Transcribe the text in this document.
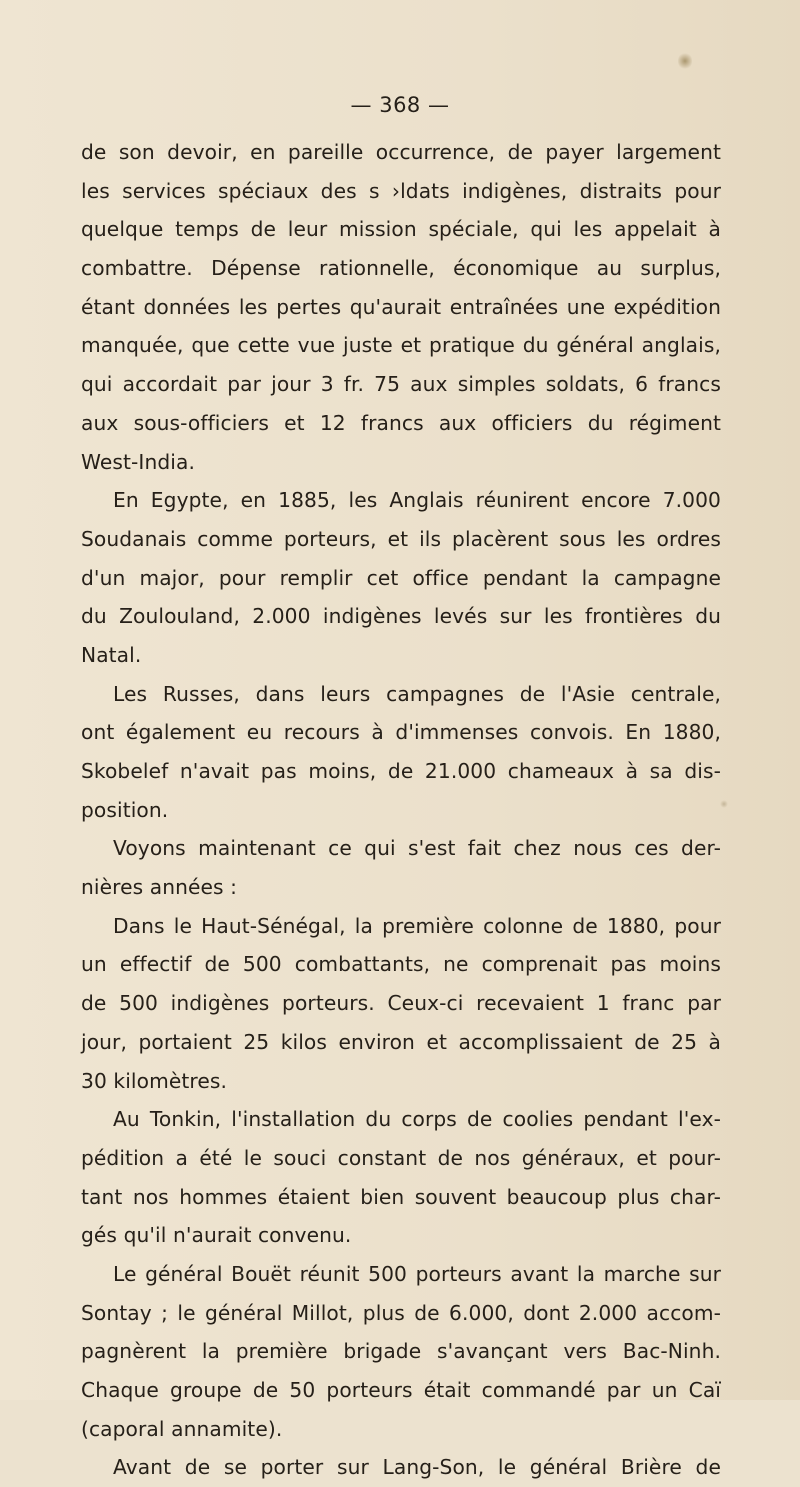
— 368 —

de son devoir, en pareille occurrence, de payer largement
les services spéciaux des s ›ldats indigènes, distraits pour
quelque temps de leur mission spéciale, qui les appelait à
combattre. Dépense rationnelle, économique au surplus,
étant données les pertes qu'aurait entraînées une expédition
manquée, que cette vue juste et pratique du général anglais,
qui accordait par jour 3 fr. 75 aux simples soldats, 6 francs
aux sous-officiers et 12 francs aux officiers du régiment
West-India.
En Egypte, en 1885, les Anglais réunirent encore 7.000
Soudanais comme porteurs, et ils placèrent sous les ordres
d'un major, pour remplir cet office pendant la campagne
du Zoulouland, 2.000 indigènes levés sur les frontières du
Natal.
Les Russes, dans leurs campagnes de l'Asie centrale,
ont également eu recours à d'immenses convois. En 1880,
Skobelef n'avait pas moins, de 21.000 chameaux à sa dis-
position.
Voyons maintenant ce qui s'est fait chez nous ces der-
nières années :
Dans le Haut-Sénégal, la première colonne de 1880, pour
un effectif de 500 combattants, ne comprenait pas moins
de 500 indigènes porteurs. Ceux-ci recevaient 1 franc par
jour, portaient 25 kilos environ et accomplissaient de 25 à
30 kilomètres.
Au Tonkin, l'installation du corps de coolies pendant l'ex-
pédition a été le souci constant de nos généraux, et pour-
tant nos hommes étaient bien souvent beaucoup plus char-
gés qu'il n'aurait convenu.
Le général Bouët réunit 500 porteurs avant la marche sur
Sontay ; le général Millot, plus de 6.000, dont 2.000 accom-
pagnèrent la première brigade s'avançant vers Bac-Ninh.
Chaque groupe de 50 porteurs était commandé par un Caï
(caporal annamite).
Avant de se porter sur Lang-Son, le général Brière de
